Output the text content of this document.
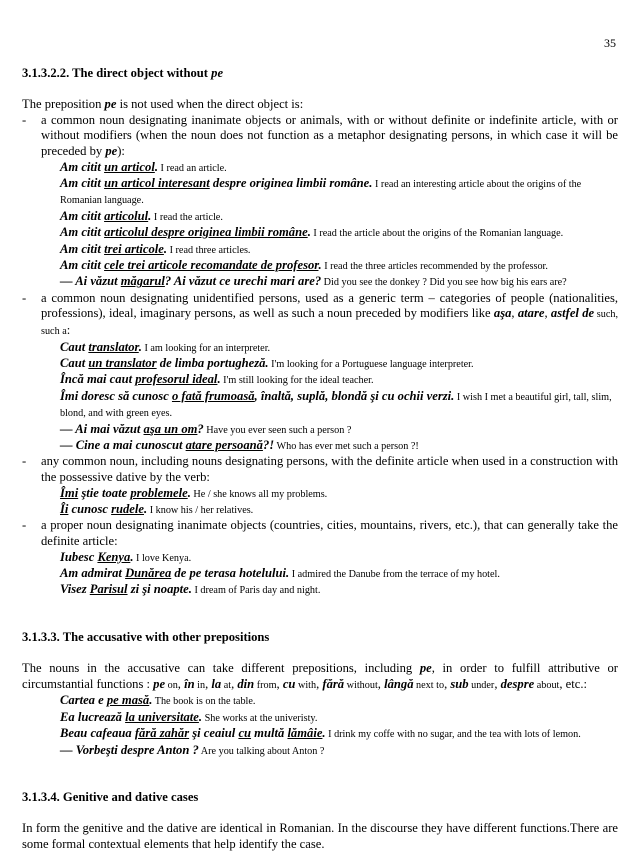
35
3.1.3.2.2. The direct object without pe
The preposition pe is not used when the direct object is:
- a common noun designating inanimate objects or animals, with or without definite or indefinite article, with or without modifiers (when the noun does not function as a metaphor designating persons, in which case it will be preceded by pe):
Am citit un articol. I read an article.
Am citit un articol interesant despre originea limbii române. I read an interesting article about the origins of the Romanian language.
Am citit articolul. I read the article.
Am citit articolul despre originea limbii române. I read the article about the origins of the Romanian language.
Am citit trei articole. I read three articles.
Am citit cele trei articole recomandate de profesor. I read the three articles recommended by the professor.
— Ai văzut măgarul? Ai văzut ce urechi mari are? Did you see the donkey ? Did you see how big his ears are?
- a common noun designating unidentified persons, used as a generic term – categories of people (nationalities, professions), ideal, imaginary persons, as well as such a noun preceded by modifiers like aşa, atare, astfel de such, such a:
Caut translator. I am looking for an interpreter.
Caut un translator de limba portugheză. I'm looking for a Portuguese language interpreter.
Încă mai caut profesorul ideal. I'm still looking for the ideal teacher.
Îmi doresc să cunosc o fată frumoasă, înaltă, suplă, blondă şi cu ochii verzi. I wish I met a beautiful girl, tall, slim, blond, and with green eyes.
— Ai mai văzut aşa un om? Have you ever seen such a person ?
— Cine a mai cunoscut atare persoană?! Who has ever met such a person ?!
- any common noun, including nouns designating persons, with the definite article when used in a construction with the possessive dative by the verb:
Îmi ştie toate problemele. He / she knows all my problems.
Îi cunosc rudele. I know his / her relatives.
- a proper noun designating inanimate objects (countries, cities, mountains, rivers, etc.), that can generally take the definite article:
Iubesc Kenya. I love Kenya.
Am admirat Dunărea de pe terasa hotelului. I admired the Danube from the terrace of my hotel.
Visez Parisul zi şi noapte. I dream of Paris day and night.
3.1.3.3. The accusative with other prepositions
The nouns in the accusative can take different prepositions, including pe, in order to fulfill attributive or circumstantial functions : pe on, în in, la at, din from, cu with, fără without, lângă next to, sub under, despre about, etc.:
Cartea e pe masă. The book is on the table.
Ea lucrează la universitate. She works at the univeristy.
Beau cafeaua fără zahăr şi ceaiul cu multă lămâie. I drink my coffe with no sugar, and the tea with lots of lemon.
— Vorbeşti despre Anton ? Are you talking about Anton ?
3.1.3.4. Genitive and dative cases
In form the genitive and the dative are identical in Romanian. In the discourse they have different functions.There are some formal contextual elements that help identify the case.
